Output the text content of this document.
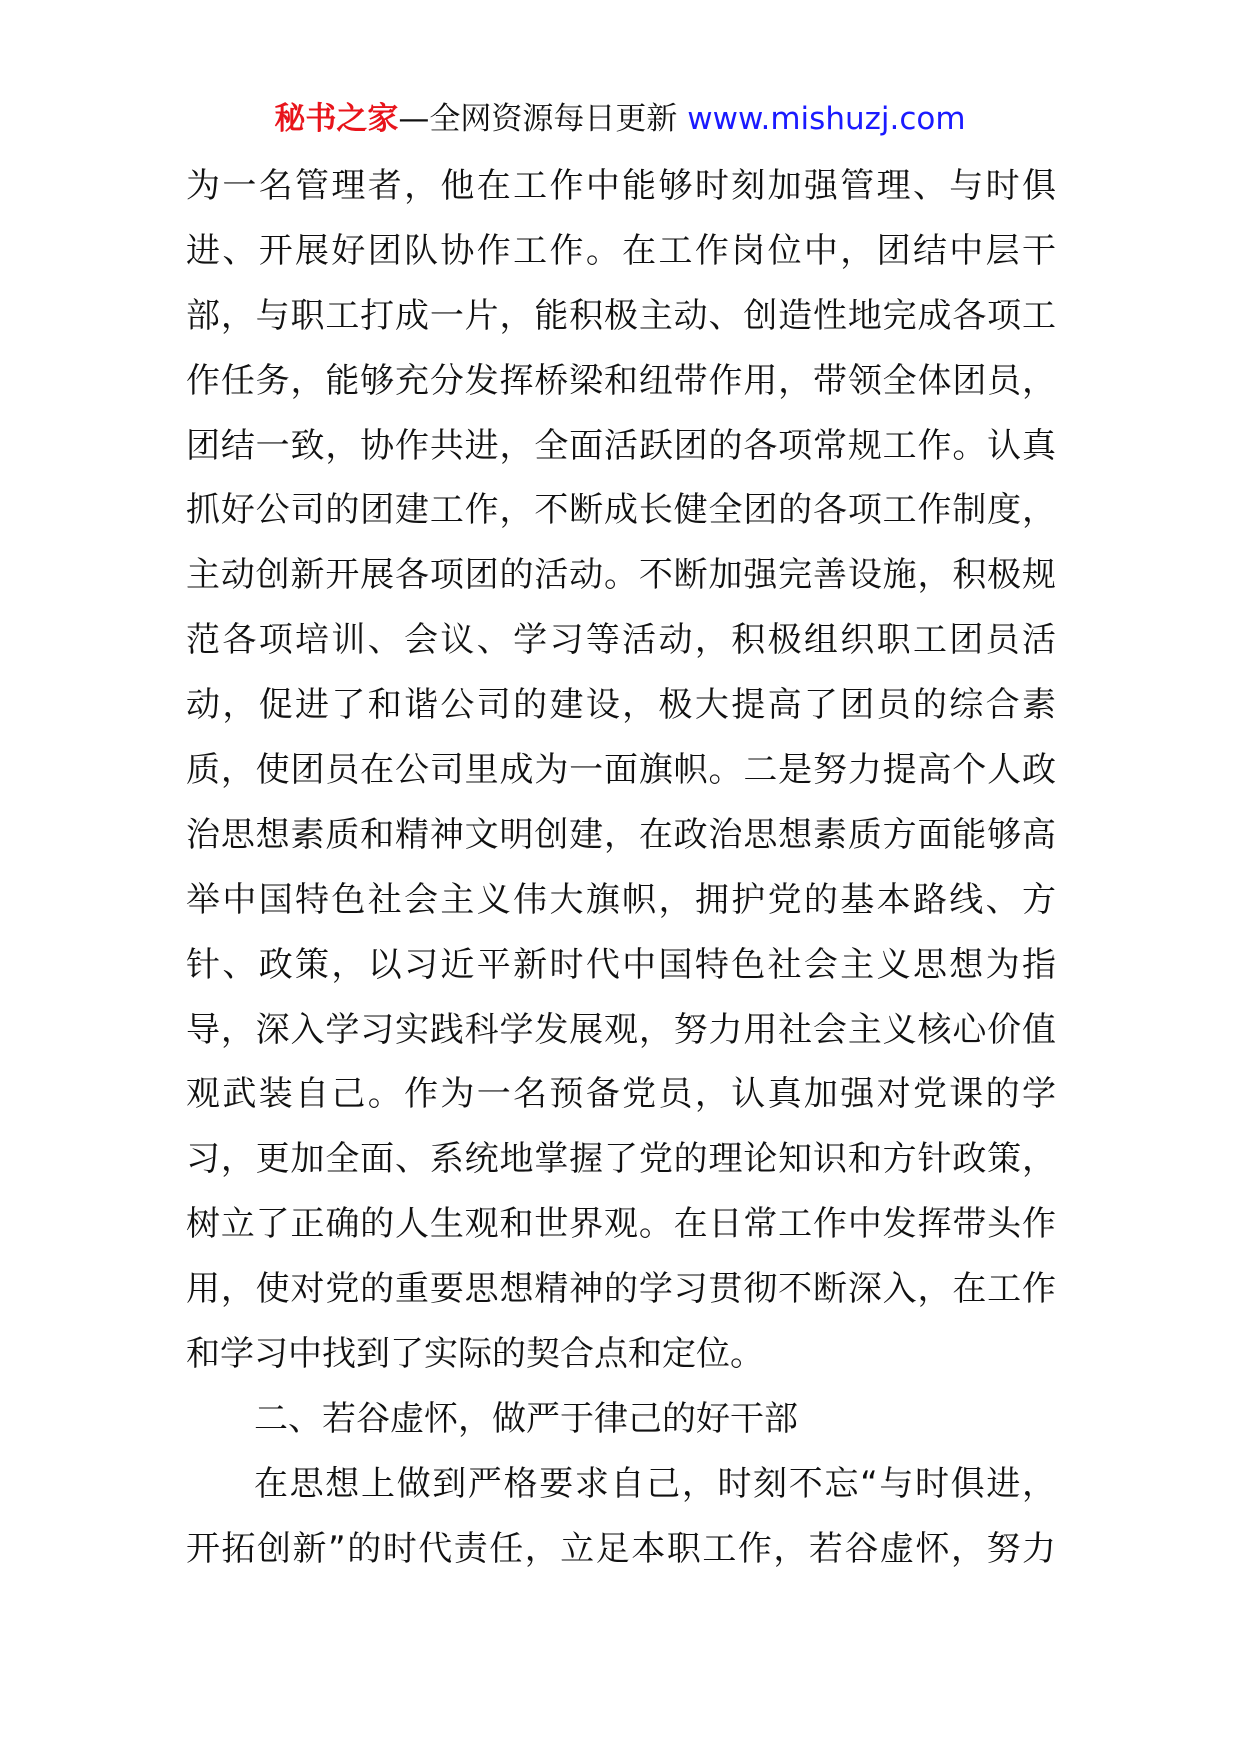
秘书之家—全网资源每日更新 www.mishuzj.com
为一名管理者，他在工作中能够时刻加强管理、与时俱
进、开展好团队协作工作。在工作岗位中，团结中层干
部，与职工打成一片，能积极主动、创造性地完成各项工
作任务，能够充分发挥桥梁和纽带作用，带领全体团员，
团结一致，协作共进，全面活跃团的各项常规工作。认真
抓好公司的团建工作，不断成长健全团的各项工作制度，
主动创新开展各项团的活动。不断加强完善设施，积极规
范各项培训、会议、学习等活动，积极组织职工团员活
动，促进了和谐公司的建设，极大提高了团员的综合素
质，使团员在公司里成为一面旗帜。二是努力提高个人政
治思想素质和精神文明创建，在政治思想素质方面能够高
举中国特色社会主义伟大旗帜，拥护党的基本路线、方
针、政策，以习近平新时代中国特色社会主义思想为指
导，深入学习实践科学发展观，努力用社会主义核心价值
观武装自己。作为一名预备党员，认真加强对党课的学
习，更加全面、系统地掌握了党的理论知识和方针政策，
树立了正确的人生观和世界观。在日常工作中发挥带头作
用，使对党的重要思想精神的学习贯彻不断深入，在工作
和学习中找到了实际的契合点和定位。
二、若谷虚怀，做严于律己的好干部
在思想上做到严格要求自己，时刻不忘“与时俱进，
开拓创新”的时代责任，立足本职工作，若谷虚怀，努力
